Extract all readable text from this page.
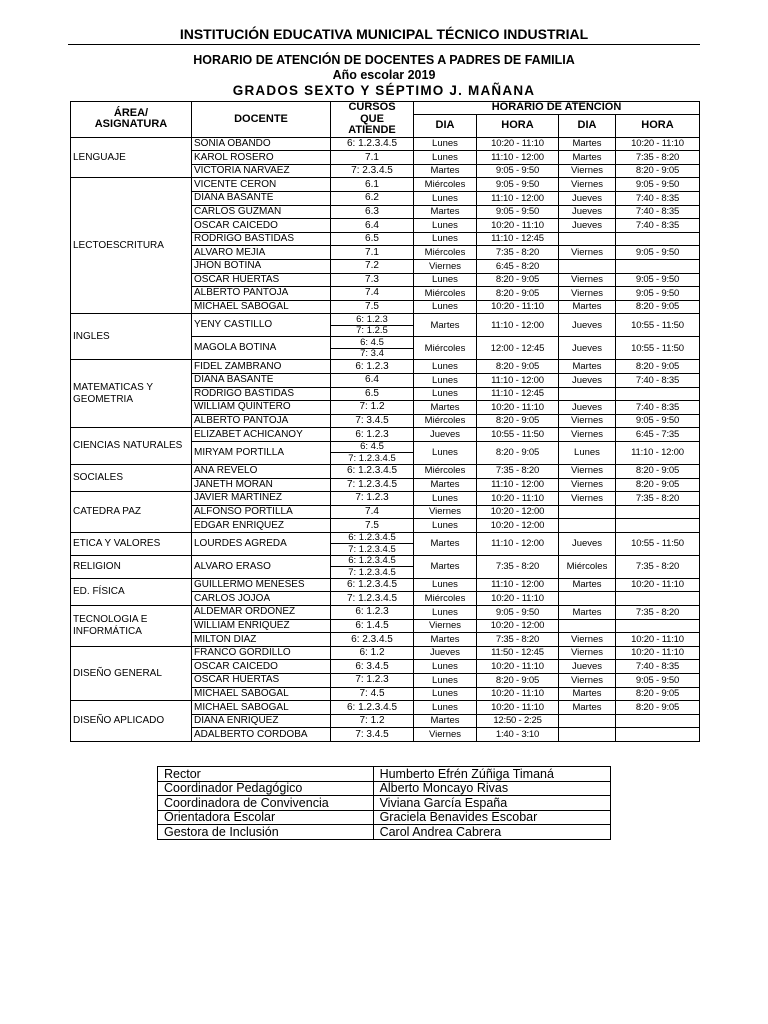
INSTITUCIÓN EDUCATIVA MUNICIPAL TÉCNICO INDUSTRIAL
HORARIO DE ATENCIÓN DE DOCENTES A PADRES DE FAMILIA
Año escolar 2019
GRADOS SEXTO Y SÉPTIMO J. MAÑANA
ÁREA/ ASIGNATURA	DOCENTE	CURSOS QUE ATIENDE	HORARIO DE ATENCION			
			DIA	HORA	DIA	HORA
LENGUAJE	SONIA OBANDO	6: 1.2.3.4.5	Lunes	10:20 - 11:10	Martes	10:20 - 11:10
	KAROL ROSERO	7.1	Lunes	11:10 - 12:00	Martes	7:35 - 8:20
	VICTORIA NARVAEZ	7: 2.3.4.5	Martes	9:05 - 9:50	Viernes	8:20 - 9:05
LECTOESCRITURA	VICENTE CERON	6.1	Miércoles	9:05 - 9:50	Viernes	9:05 - 9:50
	DIANA BASANTE	6.2	Lunes	11:10 - 12:00	Jueves	7:40 - 8:35
	CARLOS GUZMAN	6.3	Martes	9:05 - 9:50	Jueves	7:40 - 8:35
	OSCAR CAICEDO	6.4	Lunes	10:20 - 11:10	Jueves	7:40 - 8:35
	RODRIGO BASTIDAS	6.5	Lunes	11:10 - 12:45		
	ALVARO MEJIA	7.1	Miércoles	7:35 - 8:20	Viernes	9:05 - 9:50
	JHON BOTINA	7.2	Viernes	6:45 - 8:20		
	OSCAR HUERTAS	7.3	Lunes	8:20 - 9:05	Viernes	9:05 - 9:50
	ALBERTO PANTOJA	7.4	Miércoles	8:20 - 9:05	Viernes	9:05 - 9:50
	MICHAEL SABOGAL	7.5	Lunes	10:20 - 11:10	Martes	8:20 - 9:05
INGLES	YENY CASTILLO	6: 1.2.3	Martes	11:10 - 12:00	Jueves	10:55 - 11:50
		7: 1.2.5				
	MAGOLA BOTINA	6: 4.5	Miércoles	12:00 - 12:45	Jueves	10:55 - 11:50
		7: 3.4				
MATEMATICAS Y GEOMETRIA	FIDEL ZAMBRANO	6: 1.2.3	Lunes	8:20 - 9:05	Martes	8:20 - 9:05
	DIANA BASANTE	6.4	Lunes	11:10 - 12:00	Jueves	7:40 - 8:35
	RODRIGO BASTIDAS	6.5	Lunes	11:10 - 12:45		
	WILLIAM QUINTERO	7: 1.2	Martes	10:20 - 11:10	Jueves	7:40 - 8:35
	ALBERTO PANTOJA	7: 3.4.5	Miércoles	8:20 - 9:05	Viernes	9:05 - 9:50
CIENCIAS NATURALES	ELIZABET ACHICANOY	6: 1.2.3	Jueves	10:55 - 11:50	Viernes	6:45 - 7:35
	MIRYAM PORTILLA	6: 4.5	Lunes	8:20 - 9:05	Lunes	11:10 - 12:00
		7: 1.2.3.4.5				
SOCIALES	ANA REVELO	6: 1.2.3.4.5	Miércoles	7:35 - 8:20	Viernes	8:20 - 9:05
	JANETH MORAN	7: 1.2.3.4.5	Martes	11:10 - 12:00	Viernes	8:20 - 9:05
CATEDRA PAZ	JAVIER MARTINEZ	7: 1.2.3	Lunes	10:20 - 11:10	Viernes	7:35 - 8:20
	ALFONSO PORTILLA	7.4	Viernes	10:20 - 12:00		
	EDGAR ENRIQUEZ	7.5	Lunes	10:20 - 12:00		
ETICA Y VALORES	LOURDES AGREDA	6: 1.2.3.4.5	Martes	11:10 - 12:00	Jueves	10:55 - 11:50
		7: 1.2.3.4.5				
RELIGION	ALVARO ERASO	6: 1.2.3.4.5	Martes	7:35 - 8:20	Miércoles	7:35 - 8:20
		7: 1.2.3.4.5				
ED. FÍSICA	GUILLERMO MENESES	6: 1.2.3.4.5	Lunes	11:10 - 12:00	Martes	10:20 - 11:10
	CARLOS JOJOA	7: 1.2.3.4.5	Miércoles	10:20 - 11:10		
TECNOLOGIA E INFORMÁTICA	ALDEMAR ORDOÑEZ	6: 1.2.3	Lunes	9:05 - 9:50	Martes	7:35 - 8:20
	WILLIAM ENRIQUEZ	6: 1.4.5	Viernes	10:20 - 12:00		
	MILTON DIAZ	6: 2.3.4.5	Martes	7:35 - 8:20	Viernes	10:20 - 11:10
DISEÑO GENERAL	FRANCO GORDILLO	6: 1.2	Jueves	11:50 - 12:45	Viernes	10:20 - 11:10
	OSCAR CAICEDO	6: 3.4.5	Lunes	10:20 - 11:10	Jueves	7:40 - 8:35
	OSCAR HUERTAS	7: 1.2.3	Lunes	8:20 - 9:05	Viernes	9:05 - 9:50
	MICHAEL SABOGAL	7: 4.5	Lunes	10:20 - 11:10	Martes	8:20 - 9:05
DISEÑO APLICADO	MICHAEL SABOGAL	6: 1.2.3.4.5	Lunes	10:20 - 11:10	Martes	8:20 - 9:05
	DIANA ENRIQUEZ	7: 1.2	Martes	12:50 - 2:25		
	ADALBERTO CORDOBA	7: 3.4.5	Viernes	1:40 - 3:10		
Rector	Humberto Efrén Zúñiga Timaná
Coordinador Pedagógico	Alberto Moncayo Rivas
Coordinadora de Convivencia	Viviana García España
Orientadora Escolar	Graciela Benavides Escobar
Gestora de Inclusión	Carol Andrea Cabrera
